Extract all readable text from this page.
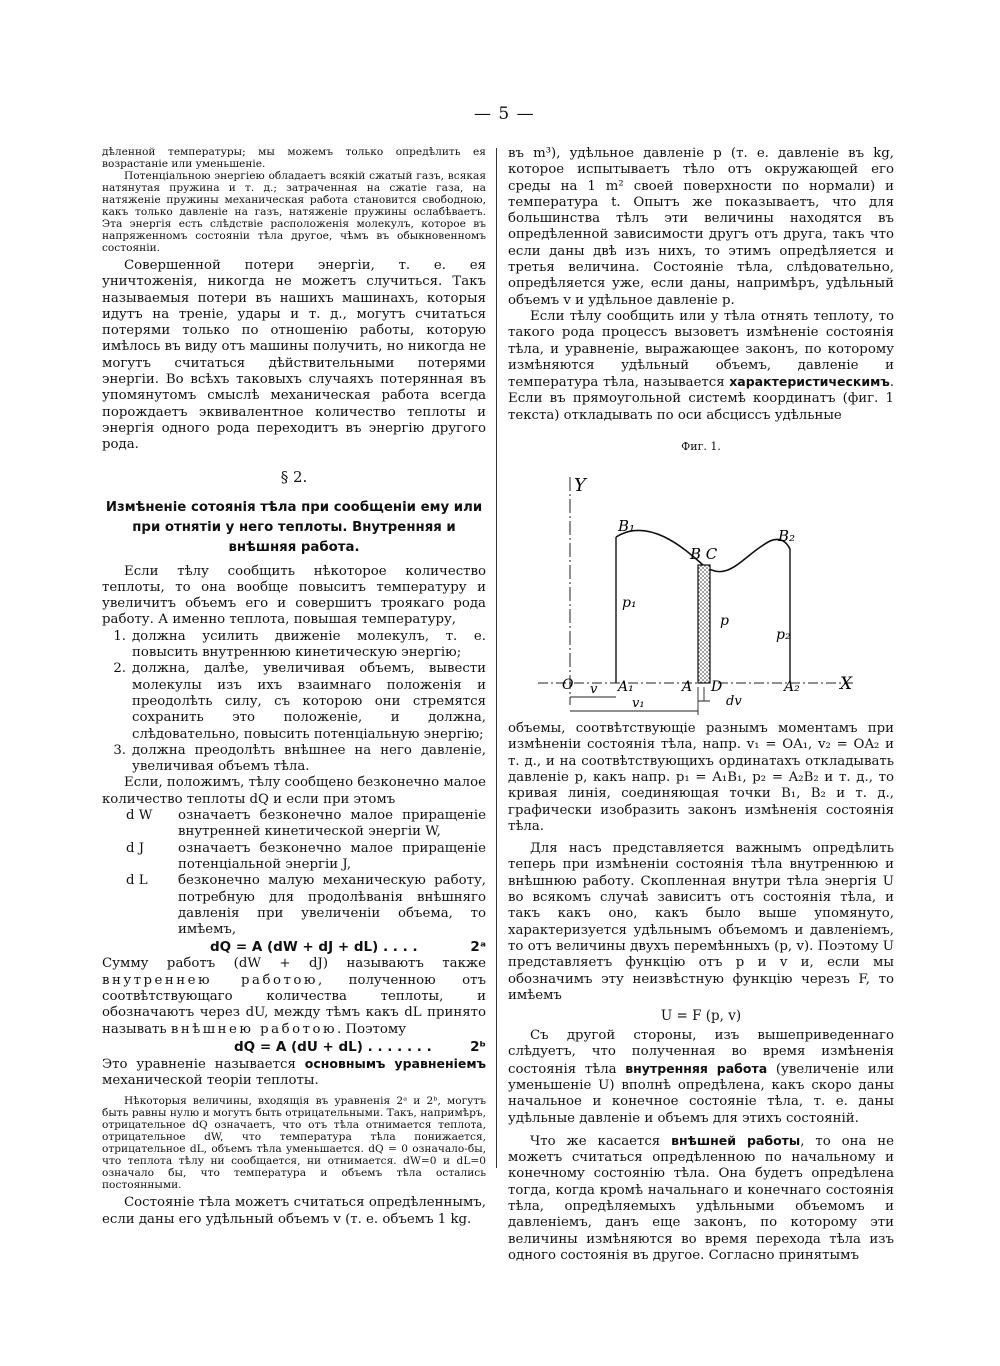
— 5 —

дѣленной температуры; мы можемъ только опредѣлить ея возрастаніе или уменьшеніе.

Потенціальною энергіею обладаетъ всякій сжатый газъ, всякая натянутая пружина и т. д.; затраченная на сжатіе газа, на натяженіе пружины механическая работа становится свободною, какъ только давленіе на газъ, натяженіе пружины ослабѣваетъ. Эта энергія есть слѣдствіе расположенія молекулъ, которое въ напряженномъ состояніи тѣла другое, чѣмъ въ обыкновенномъ состояніи.

Совершенной потери энергіи, т. е. ея уничтоженія, никогда не можетъ случиться. Такъ называемыя потери въ нашихъ машинахъ, которыя идутъ на треніе, удары и т. д., могутъ считаться потерями только по отношенію работы, которую имѣлось въ виду отъ машины получить, но никогда не могутъ считаться дѣйствительными потерями энергіи. Во всѣхъ таковыхъ случаяхъ потерянная въ упомянутомъ смыслѣ механическая работа всегда порождаетъ эквивалентное количество теплоты и энергія одного рода переходитъ въ энергію другого рода.

§ 2.
Измѣненіе сотоянія тѣла при сообщеніи ему или при отнятіи у него теплоты. Внутренняя и внѣшняя работа.

Если тѣлу сообщить нѣкоторое количество теплоты, то она вообще повыситъ температуру и увеличитъ объемъ его и совершитъ троякаго рода работу. А именно теплота, повышая температуру,

1. должна усилить движеніе молекулъ, т. е. повысить внутреннюю кинетическую энергію;
2. должна, далѣе, увеличивая объемъ, вывести молекулы изъ ихъ взаимнаго положенія и преодолѣть силу, съ которою они стремятся сохранить это положеніе, и должна, слѣдовательно, повысить потенціальную энергію;
3. должна преодолѣть внѣшнее на него давленіе, увеличивая объемъ тѣла.

Если, положимъ, тѣлу сообщено безконечно малое количество теплоты dQ и если при этомъ

d W	означаетъ безконечно малое приращеніе внутренней кинетической энергіи W,
d J	означаетъ безконечно малое приращеніе потенціальной энергіи J,
d L	безконечно малую механическую работу, потребную для продолѣванія внѣшняго давленія при увеличеніи объема, то имѣемъ,
dQ = A (dW + dJ + dL) . . . .	2ᵃ

Сумму работъ (dW + dJ) называютъ также внутреннею работою, полученною отъ соотвѣтствующаго количества теплоты, и обозначаютъ через dU, между тѣмъ какъ dL принято называть внѣшнею работою. Поэтому

dQ = A (dU + dL) . . . . . . .	2ᵇ

Это уравненіе называется основнымъ уравненіемъ механической теоріи теплоты.

Нѣкоторыя величины, входящія въ уравненія 2ᵃ и 2ᵇ, могутъ быть равны нулю и могутъ быть отрицательными. Такъ, напримѣръ, отрицательное dQ означаетъ, что отъ тѣла отнимается теплота, отрицательное dW, что температура тѣла понижается, отрицательное dL, объемъ тѣла уменьшается. dQ = 0 означало-бы, что теплота тѣлу ни сообщается, ни отнимается. dW=0 и dL=0 означало бы, что температура и объемъ тѣла остались постоянными.

Состояніе тѣла можетъ считаться опредѣленнымъ, если даны его удѣльный объемъ v (т. е. объемъ 1 kg.

въ m³), удѣльное давленіе p (т. е. давленіе въ kg, которое испытываетъ тѣло отъ окружающей его среды на 1 m² своей поверхности по нормали) и температура t. Опытъ же показываетъ, что для большинства тѣлъ эти величины находятся въ опредѣленной зависимости другъ отъ друга, такъ что если даны двѣ изъ нихъ, то этимъ опредѣляется и третья величина. Состояніе тѣла, слѣдовательно, опредѣляется уже, если даны, напримѣръ, удѣльный объемъ v и удѣльное давленіе p.

Если тѣлу сообщить или у тѣла отнять теплоту, то такого рода процессъ вызоветъ измѣненіе состоянія тѣла, и уравненіе, выражающее законъ, по которому измѣняются удѣльный объемъ, давленіе и температура тѣла, называется характеристическимъ. Если въ прямоугольной системѣ координатъ (фиг. 1 текста) откладывать по оси абсциссъ удѣльные

Фиг. 1.
Y
X
O
B₁
B C
B₂
p₁
p
p₂
A₁	A D	A₂
v
v₁	dv

объемы, соотвѣтствующіе разнымъ моментамъ при измѣненіи состоянія тѣла, напр. v₁ = OA₁, v₂ = OA₂ и т. д., и на соотвѣтствующихъ ординатахъ откладывать давленіе p, какъ напр. p₁ = A₁B₁, p₂ = A₂B₂ и т. д., то кривая линія, соединяющая точки B₁, B₂ и т. д., графически изобразить законъ измѣненія состоянія тѣла.

Для насъ представляется важнымъ опредѣлить теперь при измѣненіи состоянія тѣла внутреннюю и внѣшнюю работу. Скопленная внутри тѣла энергія U во всякомъ случаѣ зависитъ отъ состоянія тѣла, и такъ какъ оно, какъ было выше упомянуто, характеризуется удѣльнымъ объемомъ и давленіемъ, то отъ величины двухъ перемѣнныхъ (p, v). Поэтому U представляетъ функцію отъ p и v и, если мы обозначимъ эту неизвѣстную функцію черезъ F, то имѣемъ

U = F (p, v)

Съ другой стороны, изъ вышеприведеннаго слѣдуетъ, что полученная во время измѣненія состоянія тѣла внутренняя работа (увеличеніе или уменьшеніе U) вполнѣ опредѣлена, какъ скоро даны начальное и конечное состояніе тѣла, т. е. даны удѣльные давленіе и объемъ для этихъ состояній.

Что же касается внѣшней работы, то она не можетъ считаться опредѣленною по начальному и конечному состоянію тѣла. Она будетъ опредѣлена тогда, когда кромѣ начальнаго и конечнаго состоянія тѣла, опредѣляемыхъ удѣльными объемомъ и давленіемъ, данъ еще законъ, по которому эти величины измѣняются во время перехода тѣла изъ одного состоянія въ другое. Согласно принятымъ
